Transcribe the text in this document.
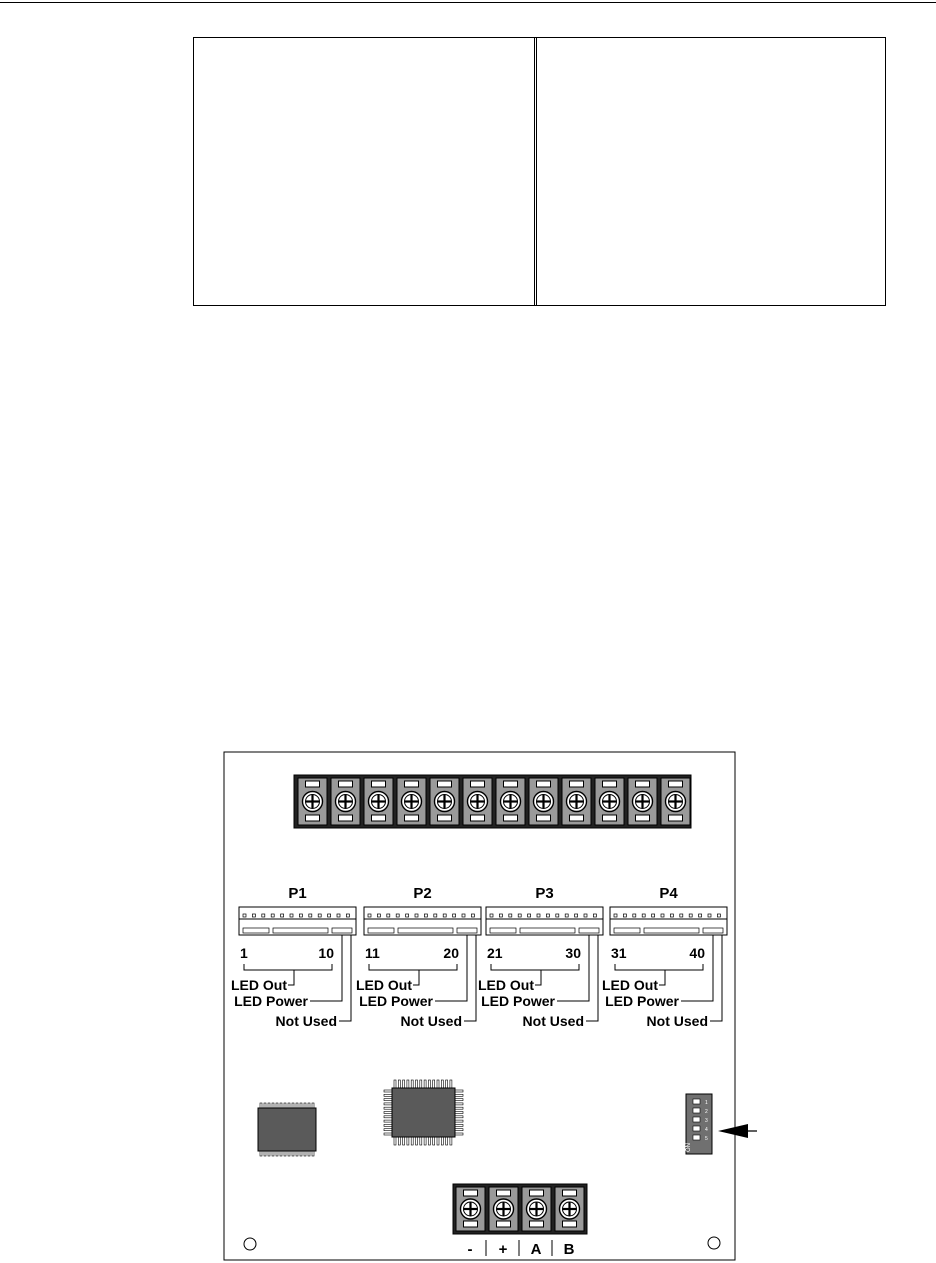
P1
1	10
LED Out
LED Power
Not Used
P2
11	20
LED Out
LED Power
Not Used
P3
21	30
LED Out
LED Power
Not Used
P4
31	40
LED Out
LED Power
Not Used
1
2
3
4
5
ON
- + A B
